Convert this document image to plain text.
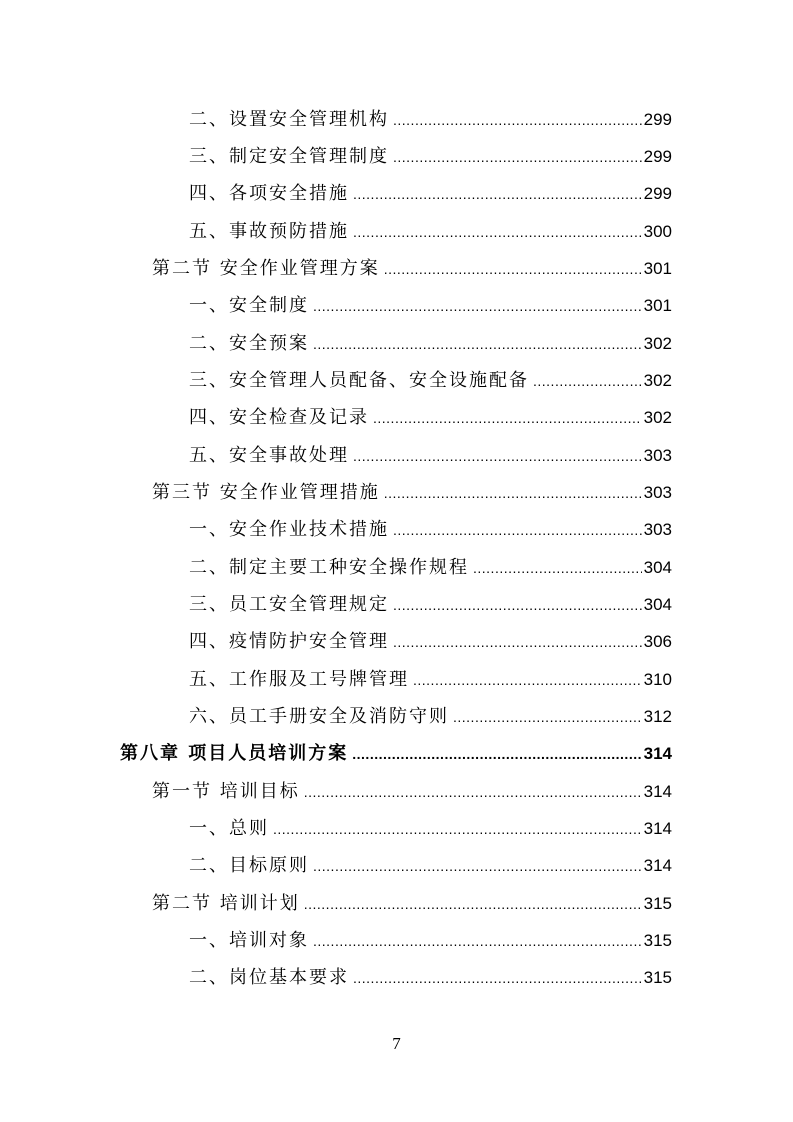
二、设置安全管理机构 .....	299
三、制定安全管理制度 .....	299
四、各项安全措施 .....	299
五、事故预防措施 .....	300
第二节 安全作业管理方案 .....	301
一、安全制度 .....	301
二、安全预案 .....	302
三、安全管理人员配备、安全设施配备 .....	302
四、安全检查及记录 .....	302
五、安全事故处理 .....	303
第三节 安全作业管理措施 .....	303
一、安全作业技术措施 .....	303
二、制定主要工种安全操作规程 .....	304
三、员工安全管理规定 .....	304
四、疫情防护安全管理 .....	306
五、工作服及工号牌管理 .....	310
六、员工手册安全及消防守则 .....	312
第八章 项目人员培训方案 .....	314
第一节 培训目标 .....	314
一、总则 .....	314
二、目标原则 .....	314
第二节 培训计划 .....	315
一、培训对象 .....	315
二、岗位基本要求 .....	315
7
